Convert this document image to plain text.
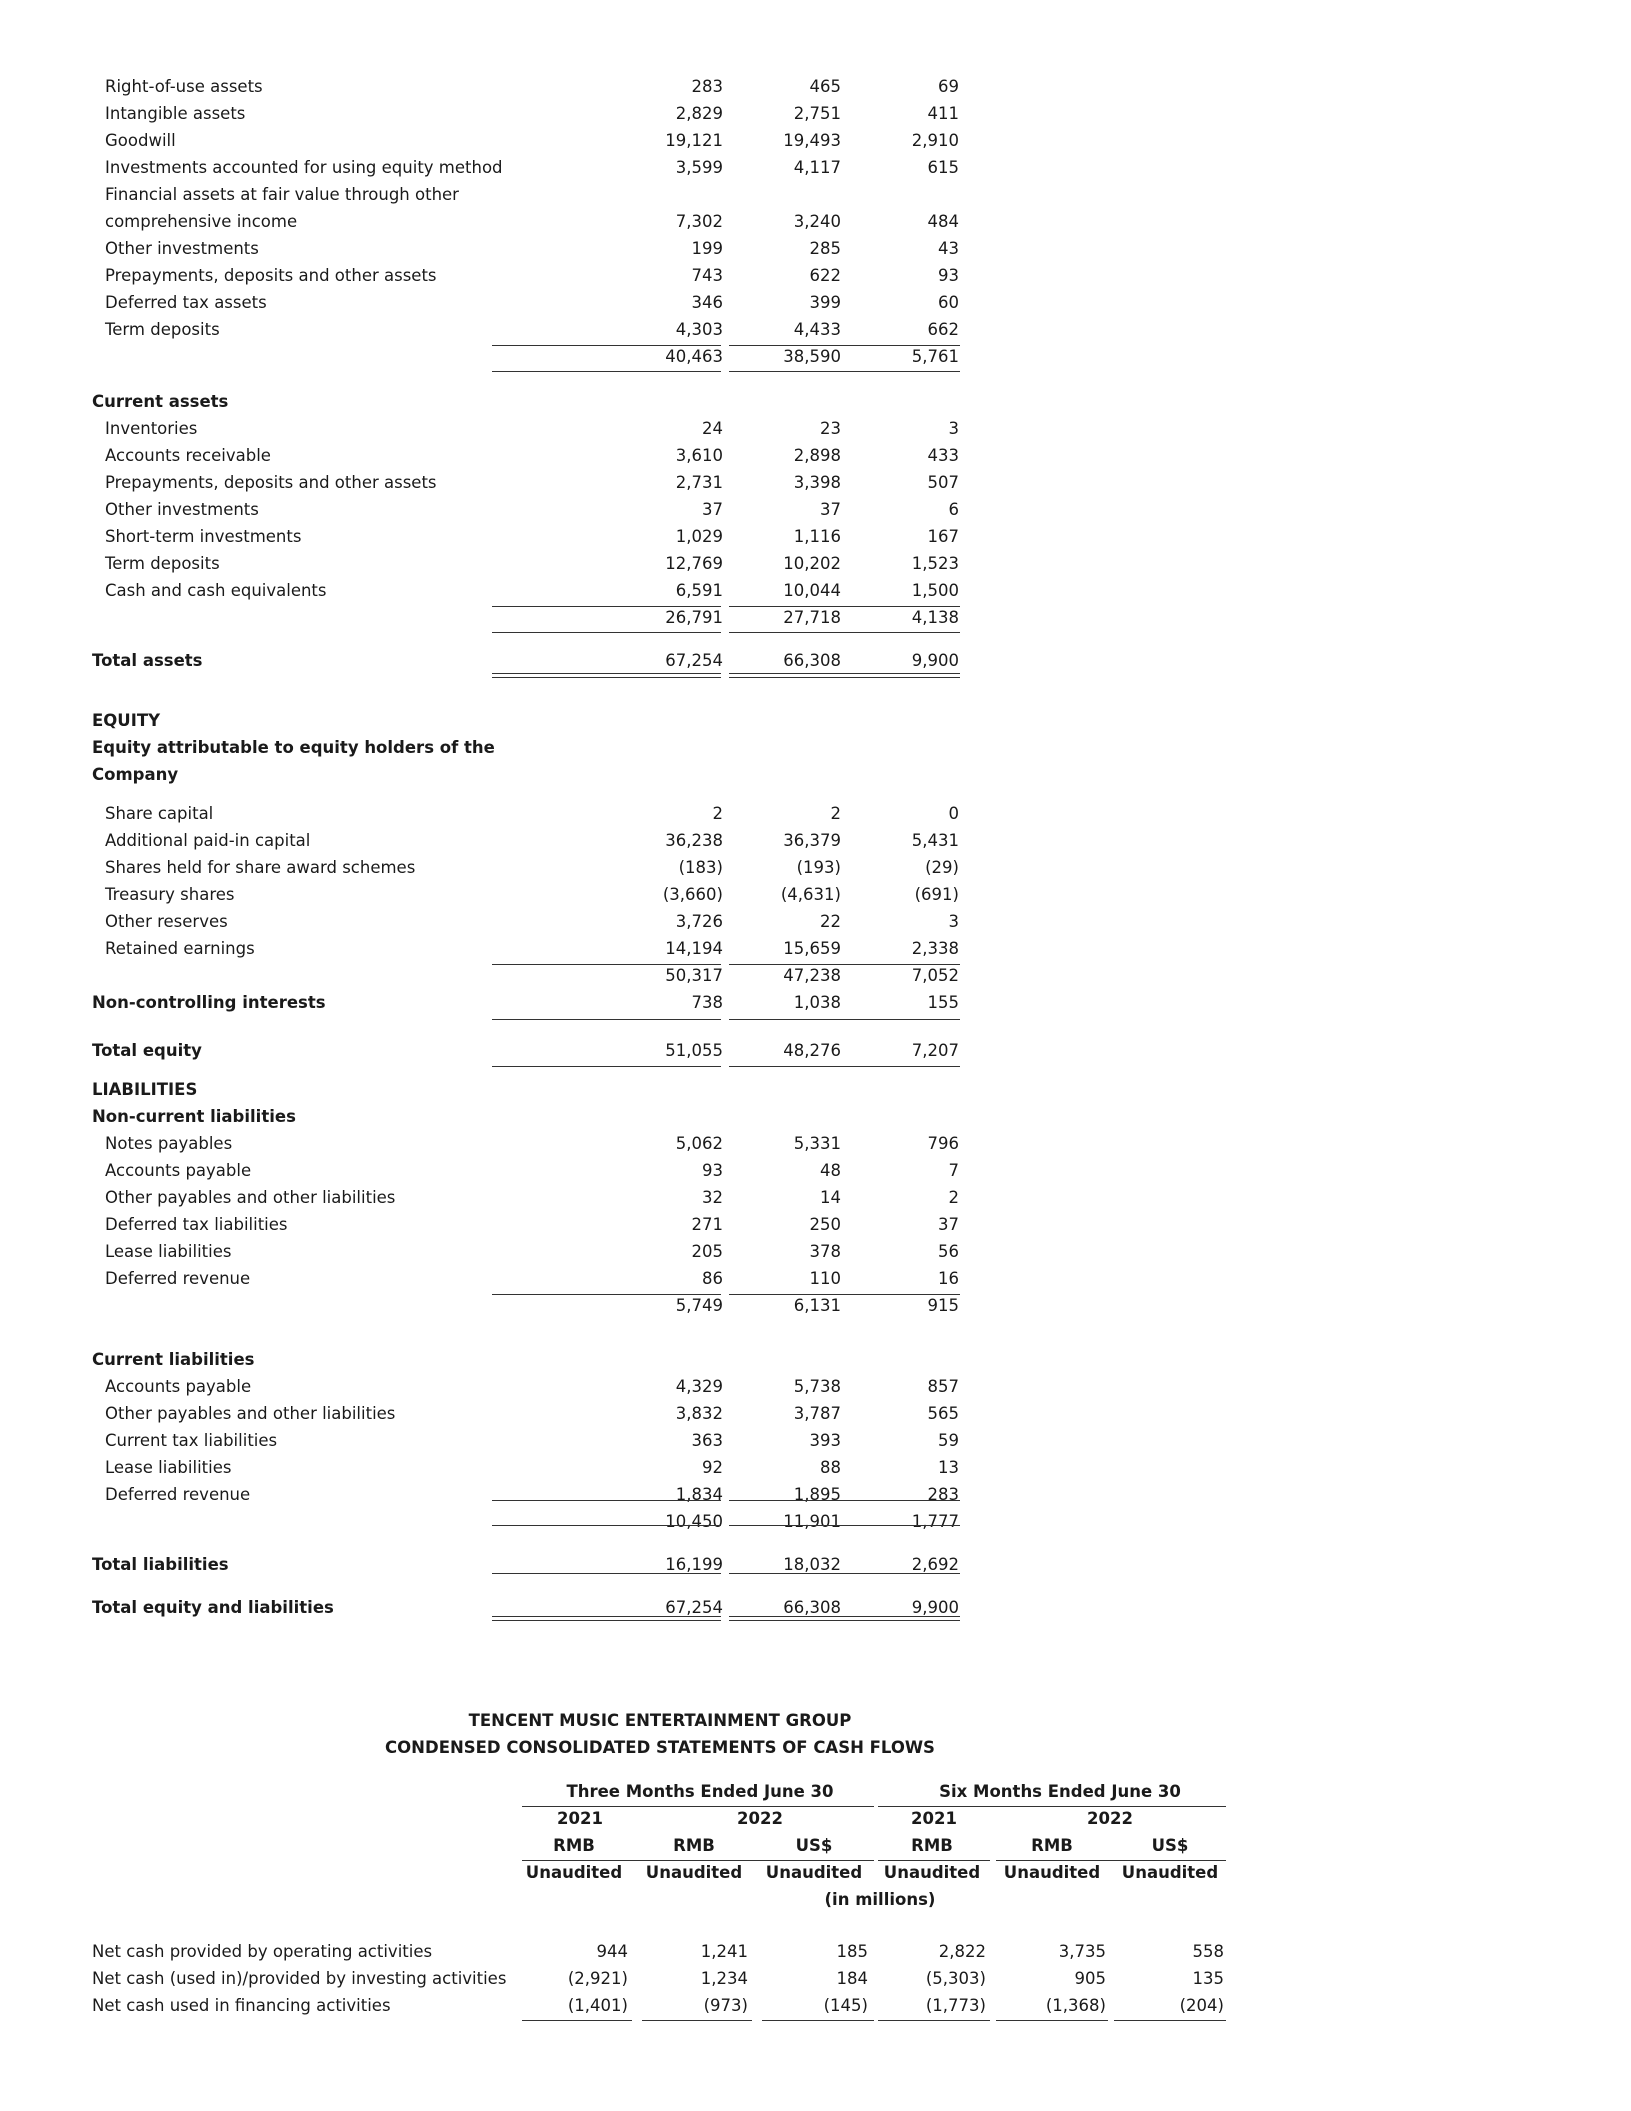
Right-of-use assets	283	465	69
Intangible assets	2,829	2,751	411
Goodwill	19,121	19,493	2,910
Investments accounted for using equity method	3,599	4,117	615
Financial assets at fair value through other
comprehensive income	7,302	3,240	484
Other investments	199	285	43
Prepayments, deposits and other assets	743	622	93
Deferred tax assets	346	399	60
Term deposits	4,303	4,433	662
40,463	38,590	5,761
Current assets
Inventories	24	23	3
Accounts receivable	3,610	2,898	433
Prepayments, deposits and other assets	2,731	3,398	507
Other investments	37	37	6
Short-term investments	1,029	1,116	167
Term deposits	12,769	10,202	1,523
Cash and cash equivalents	6,591	10,044	1,500
26,791	27,718	4,138
Total assets	67,254	66,308	9,900
EQUITY
Equity attributable to equity holders of the
Company
Share capital	2	2	0
Additional paid-in capital	36,238	36,379	5,431
Shares held for share award schemes	(183)	(193)	(29)
Treasury shares	(3,660)	(4,631)	(691)
Other reserves	3,726	22	3
Retained earnings	14,194	15,659	2,338
50,317	47,238	7,052
Non-controlling interests	738	1,038	155
Total equity	51,055	48,276	7,207
LIABILITIES
Non-current liabilities
Notes payables	5,062	5,331	796
Accounts payable	93	48	7
Other payables and other liabilities	32	14	2
Deferred tax liabilities	271	250	37
Lease liabilities	205	378	56
Deferred revenue	86	110	16
5,749	6,131	915
Current liabilities
Accounts payable	4,329	5,738	857
Other payables and other liabilities	3,832	3,787	565
Current tax liabilities	363	393	59
Lease liabilities	92	88	13
Deferred revenue	1,834	1,895	283
10,450	11,901	1,777
Total liabilities	16,199	18,032	2,692
Total equity and liabilities	67,254	66,308	9,900
TENCENT MUSIC ENTERTAINMENT GROUP
CONDENSED CONSOLIDATED STATEMENTS OF CASH FLOWS
Three Months Ended June 30	Six Months Ended June 30
2021	2022	2021	2022
RMB	RMB	US$	RMB	RMB	US$
Unaudited	Unaudited	Unaudited	Unaudited	Unaudited	Unaudited
(in millions)
Net cash provided by operating activities	944	1,241	185	2,822	3,735	558
Net cash (used in)/provided by investing activities	(2,921)	1,234	184	(5,303)	905	135
Net cash used in financing activities	(1,401)	(973)	(145)	(1,773)	(1,368)	(204)
